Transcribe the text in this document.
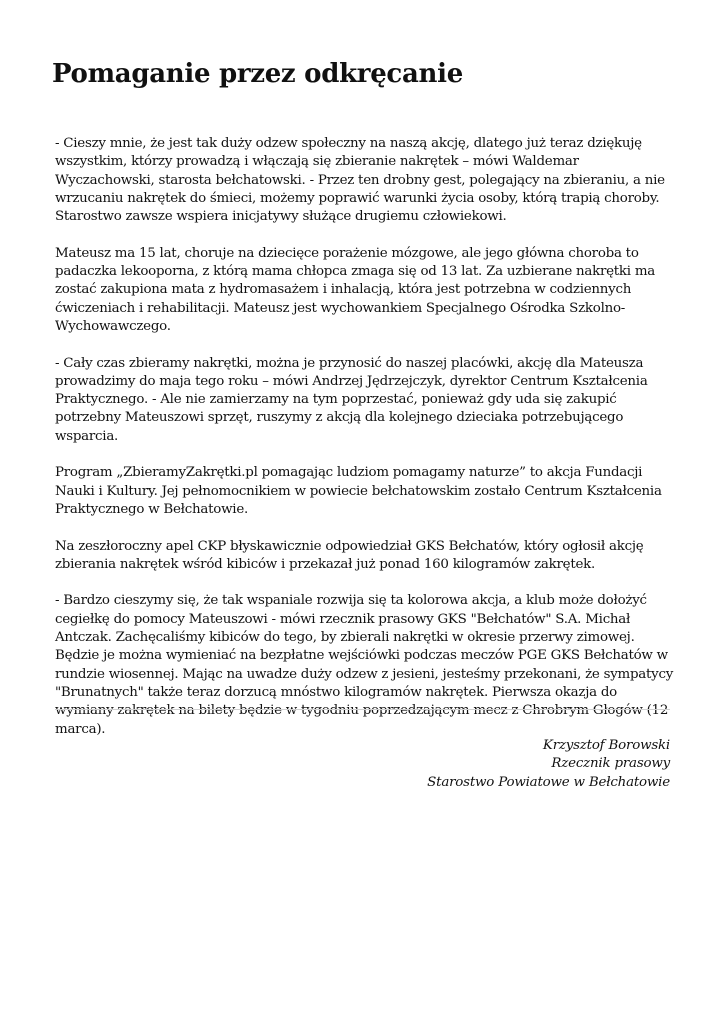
Pomaganie przez odkręcanie

- Cieszy mnie, że jest tak duży odzew społeczny na naszą akcję, dlatego już teraz dziękuję wszystkim, którzy prowadzą i włączają się zbieranie nakrętek – mówi Waldemar Wyczachowski, starosta bełchatowski. - Przez ten drobny gest, polegający na zbieraniu, a nie wrzucaniu nakrętek do śmieci, możemy poprawić warunki życia osoby, którą trapią choroby. Starostwo zawsze wspiera inicjatywy służące drugiemu człowiekowi.

Mateusz ma 15 lat, choruje na dziecięce porażenie mózgowe, ale jego główna choroba to padaczka lekooporna, z którą mama chłopca zmaga się od 13 lat. Za uzbierane nakrętki ma zostać zakupiona mata z hydromasażem i inhalacją, która jest potrzebna w codziennych ćwiczeniach i rehabilitacji. Mateusz jest wychowankiem Specjalnego Ośrodka Szkolno-Wychowawczego.

- Cały czas zbieramy nakrętki, można je przynosić do naszej placówki, akcję dla Mateusza prowadzimy do maja tego roku – mówi Andrzej Jędrzejczyk, dyrektor Centrum Kształcenia Praktycznego. - Ale nie zamierzamy na tym poprzestać, ponieważ gdy uda się zakupić potrzebny Mateuszowi sprzęt, ruszymy z akcją dla kolejnego dzieciaka potrzebującego wsparcia.

Program „ZbieramyZakrętki.pl pomagając ludziom pomagamy naturze” to akcja Fundacji Nauki i Kultury. Jej pełnomocnikiem w powiecie bełchatowskim zostało Centrum Kształcenia Praktycznego w Bełchatowie.

Na zeszłoroczny apel CKP błyskawicznie odpowiedział GKS Bełchatów, który ogłosił akcję zbierania nakrętek wśród kibiców i przekazał już ponad 160 kilogramów zakrętek.

- Bardzo cieszymy się, że tak wspaniale rozwija się ta kolorowa akcja, a klub może dołożyć cegiełkę do pomocy Mateuszowi - mówi rzecznik prasowy GKS "Bełchatów" S.A. Michał Antczak. Zachęcaliśmy kibiców do tego, by zbierali nakrętki w okresie przerwy zimowej. Będzie je można wymieniać na bezpłatne wejściówki podczas meczów PGE GKS Bełchatów w rundzie wiosennej. Mając na uwadze duży odzew z jesieni, jesteśmy przekonani, że sympatycy "Brunatnych" także teraz dorzucą mnóstwo kilogramów nakrętek. Pierwsza okazja do wymiany zakrętek na bilety będzie w tygodniu poprzedzającym mecz z Chrobrym Głogów (12 marca).

Krzysztof Borowski
Rzecznik prasowy
Starostwo Powiatowe w Bełchatowie
